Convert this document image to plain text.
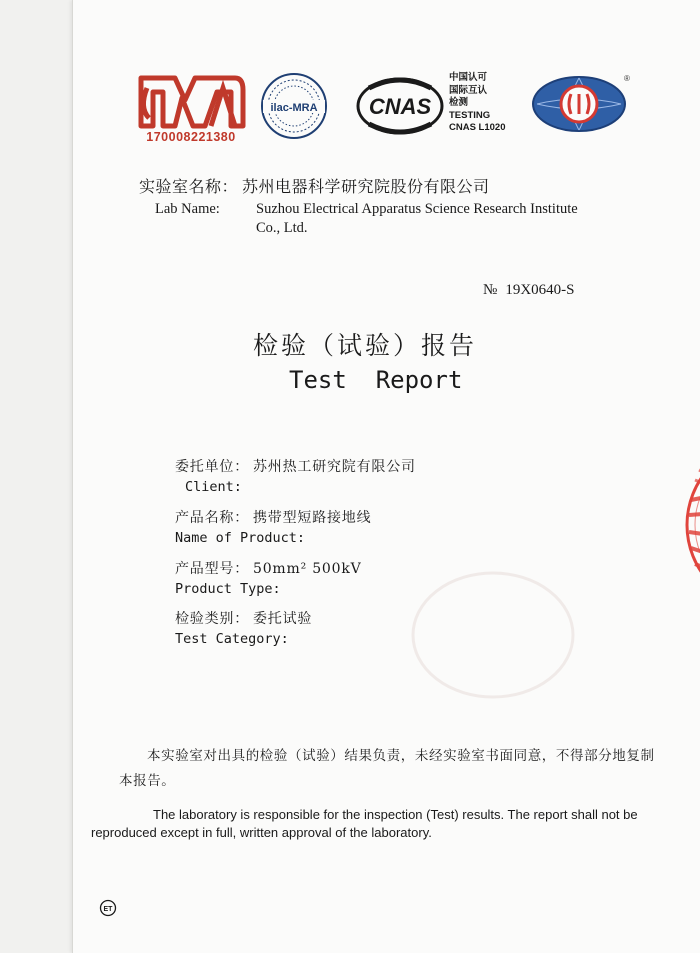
170008221380
ilac-MRA CNAS
中国认可
国际互认
检测
TESTING
CNAS L1020
®
实验室名称： 苏州电器科学研究院股份有限公司
Lab Name: Suzhou Electrical Apparatus Science Research Institute Co., Ltd.
№ 19X0640-S
检验（试验）报告
Test  Report
委托单位： 苏州热工研究院有限公司
Client:
产品名称： 携带型短路接地线
Name of Product:
产品型号： 50mm² 500kV
Product Type:
检验类别： 委托试验
Test Category:
本实验室对出具的检验（试验）结果负责，未经实验室书面同意，不得部分地复制本报告。
The laboratory is responsible for the inspection (Test) results. The report shall not be reproduced except in full, written approval of the laboratory.
ET
